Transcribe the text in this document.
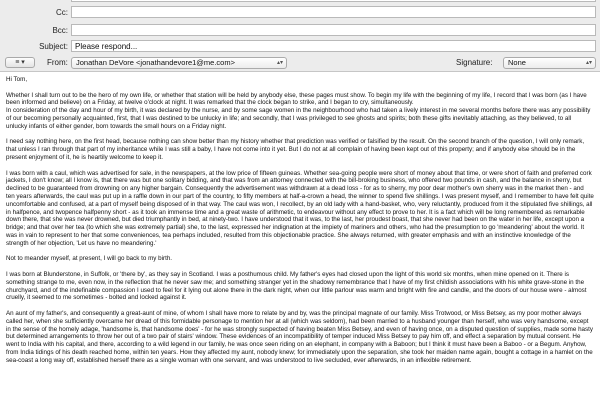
Cc:
Bcc:
Subject: Please respond...
≡ ▾	From:	Jonathan DeVore <jonathandevore1@me.com>	▴▾	Signature:	None	▴▾

Hi Tom,

Whether I shall turn out to be the hero of my own life, or whether that station will be held by anybody else, these pages must show. To begin my life with the beginning of my life, I record that I was born (as I have been informed and believe) on a Friday, at twelve o'clock at night. It was remarked that the clock began to strike, and I began to cry, simultaneously.
In consideration of the day and hour of my birth, it was declared by the nurse, and by some sage women in the neighbourhood who had taken a lively interest in me several months before there was any possibility of our becoming personally acquainted, first, that I was destined to be unlucky in life; and secondly, that I was privileged to see ghosts and spirits; both these gifts inevitably attaching, as they believed, to all unlucky infants of either gender, born towards the small hours on a Friday night.

I need say nothing here, on the first head, because nothing can show better than my history whether that prediction was verified or falsified by the result. On the second branch of the question, I will only remark, that unless I ran through that part of my inheritance while I was still a baby, I have not come into it yet. But I do not at all complain of having been kept out of this property; and if anybody else should be in the present enjoyment of it, he is heartily welcome to keep it.

I was born with a caul, which was advertised for sale, in the newspapers, at the low price of fifteen guineas. Whether sea-going people were short of money about that time, or were short of faith and preferred cork jackets, I don't know; all I know is, that there was but one solitary bidding, and that was from an attorney connected with the bill-broking business, who offered two pounds in cash, and the balance in sherry, but declined to be guaranteed from drowning on any higher bargain. Consequently the advertisement was withdrawn at a dead loss - for as to sherry, my poor dear mother's own sherry was in the market then - and ten years afterwards, the caul was put up in a raffle down in our part of the country, to fifty members at half-a-crown a head, the winner to spend five shillings. I was present myself, and I remember to have felt quite uncomfortable and confused, at a part of myself being disposed of in that way. The caul was won, I recollect, by an old lady with a hand-basket, who, very reluctantly, produced from it the stipulated five shillings, all in halfpence, and twopence halfpenny short - as it took an immense time and a great waste of arithmetic, to endeavour without any effect to prove to her. It is a fact which will be long remembered as remarkable down there, that she was never drowned, but died triumphantly in bed, at ninety-two. I have understood that it was, to the last, her proudest boast, that she never had been on the water in her life, except upon a bridge; and that over her tea (to which she was extremely partial) she, to the last, expressed her indignation at the impiety of mariners and others, who had the presumption to go 'meandering' about the world. It was in vain to represent to her that some conveniences, tea perhaps included, resulted from this objectionable practice. She always returned, with greater emphasis and with an instinctive knowledge of the strength of her objection, 'Let us have no meandering.'

Not to meander myself, at present, I will go back to my birth.

I was born at Blunderstone, in Suffolk, or 'there by', as they say in Scotland. I was a posthumous child. My father's eyes had closed upon the light of this world six months, when mine opened on it. There is something strange to me, even now, in the reflection that he never saw me; and something stranger yet in the shadowy remembrance that I have of my first childish associations with his white grave-stone in the churchyard, and of the indefinable compassion I used to feel for it lying out alone there in the dark night, when our little parlour was warm and bright with fire and candle, and the doors of our house were - almost cruelly, it seemed to me sometimes - bolted and locked against it.

An aunt of my father's, and consequently a great-aunt of mine, of whom I shall have more to relate by and by, was the principal magnate of our family. Miss Trotwood, or Miss Betsey, as my poor mother always called her, when she sufficiently overcame her dread of this formidable personage to mention her at all (which was seldom), had been married to a husband younger than herself, who was very handsome, except in the sense of the homely adage, 'handsome is, that handsome does' - for he was strongly suspected of having beaten Miss Betsey, and even of having once, on a disputed question of supplies, made some hasty but determined arrangements to throw her out of a two pair of stairs' window. These evidences of an incompatibility of temper induced Miss Betsey to pay him off, and effect a separation by mutual consent. He went to India with his capital, and there, according to a wild legend in our family, he was once seen riding on an elephant, in company with a Baboon; but I think it must have been a Baboo - or a Begum. Anyhow, from India tidings of his death reached home, within ten years. How they affected my aunt, nobody knew; for immediately upon the separation, she took her maiden name again, bought a cottage in a hamlet on the sea-coast a long way off, established herself there as a single woman with one servant, and was understood to live secluded, ever afterwards, in an inflexible retirement.
